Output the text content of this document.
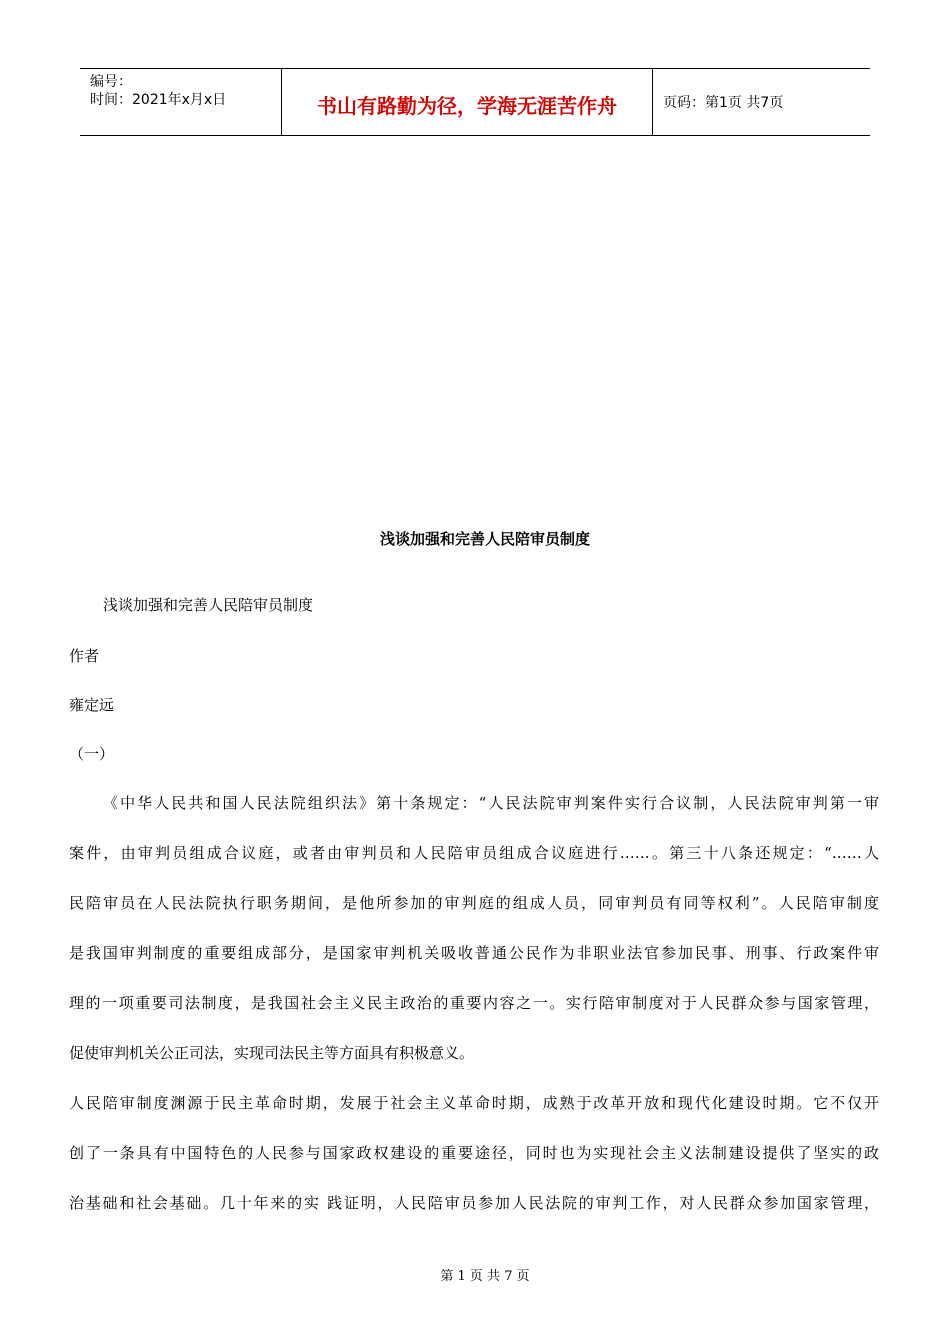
编号：
时间：2021年x月x日	书山有路勤为径，学海无涯苦作舟	页码：第1页 共7页
浅谈加强和完善人民陪审员制度
浅谈加强和完善人民陪审员制度
作者
雍定远
（一）
《中华人民共和国人民法院组织法》第十条规定：“人民法院审判案件实行合议制，人民法院审判第一审
案件，由审判员组成合议庭，或者由审判员和人民陪审员组成合议庭进行……。第三十八条还规定：“……人
民陪审员在人民法院执行职务期间，是他所参加的审判庭的组成人员，同审判员有同等权利”。人民陪审制度
是我国审判制度的重要组成部分，是国家审判机关吸收普通公民作为非职业法官参加民事、刑事、行政案件审
理的一项重要司法制度，是我国社会主义民主政治的重要内容之一。实行陪审制度对于人民群众参与国家管理，
促使审判机关公正司法，实现司法民主等方面具有积极意义。
人民陪审制度渊源于民主革命时期，发展于社会主义革命时期，成熟于改革开放和现代化建设时期。它不仅开
创了一条具有中国特色的人民参与国家政权建设的重要途径，同时也为实现社会主义法制建设提供了坚实的政
治基础和社会基础。几十年来的实 践证明，人民陪审员参加人民法院的审判工作，对人民群众参加国家管理，
第 1 页 共 7 页
